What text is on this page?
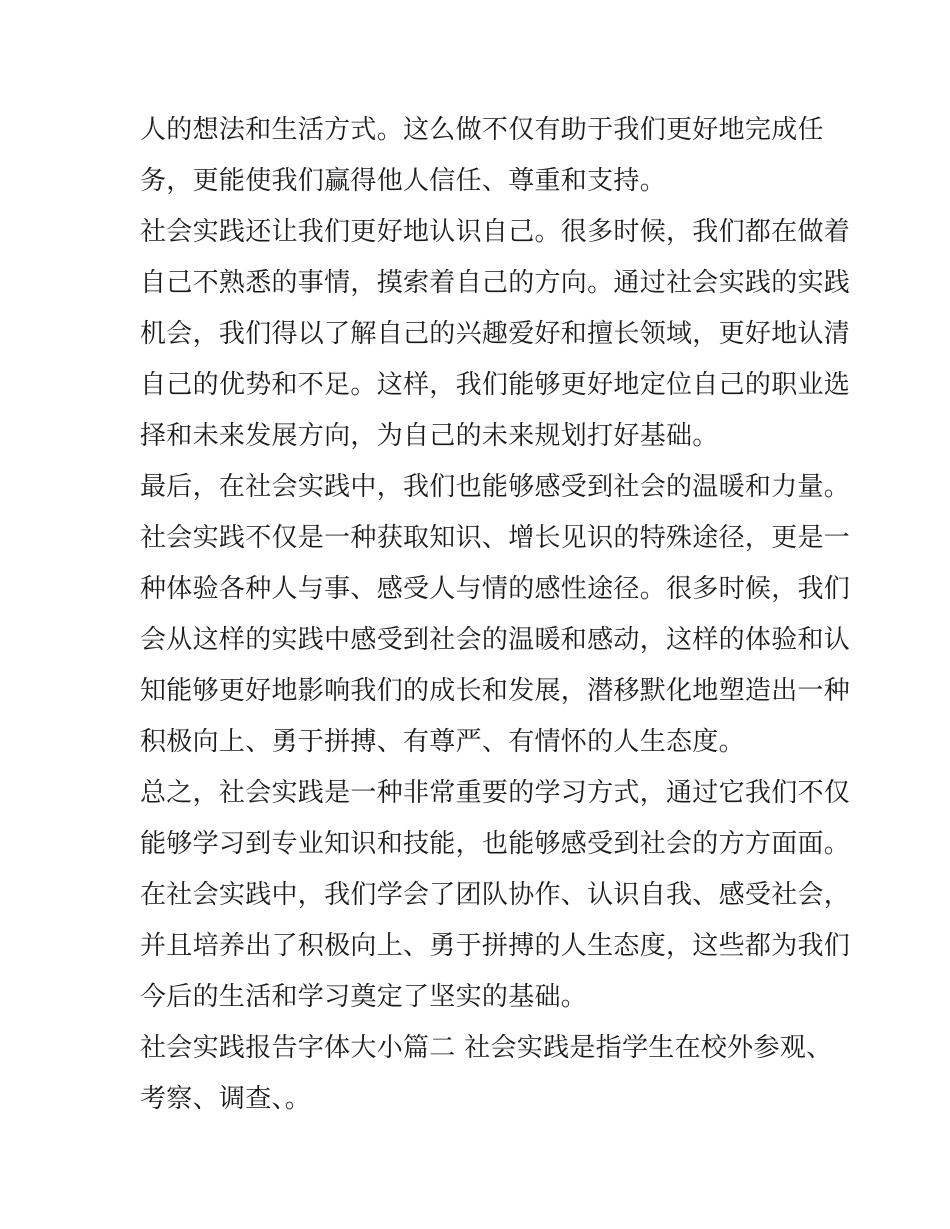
人的想法和生活方式。这么做不仅有助于我们更好地完成任
务，更能使我们赢得他人信任、尊重和支持。
社会实践还让我们更好地认识自己。很多时候，我们都在做着
自己不熟悉的事情，摸索着自己的方向。通过社会实践的实践
机会，我们得以了解自己的兴趣爱好和擅长领域，更好地认清
自己的优势和不足。这样，我们能够更好地定位自己的职业选
择和未来发展方向，为自己的未来规划打好基础。
最后，在社会实践中，我们也能够感受到社会的温暖和力量。
社会实践不仅是一种获取知识、增长见识的特殊途径，更是一
种体验各种人与事、感受人与情的感性途径。很多时候，我们
会从这样的实践中感受到社会的温暖和感动，这样的体验和认
知能够更好地影响我们的成长和发展，潜移默化地塑造出一种
积极向上、勇于拼搏、有尊严、有情怀的人生态度。
总之，社会实践是一种非常重要的学习方式，通过它我们不仅
能够学习到专业知识和技能，也能够感受到社会的方方面面。
在社会实践中，我们学会了团队协作、认识自我、感受社会，
并且培养出了积极向上、勇于拼搏的人生态度，这些都为我们
今后的生活和学习奠定了坚实的基础。
社会实践报告字体大小篇二 社会实践是指学生在校外参观、
考察、调查、。
